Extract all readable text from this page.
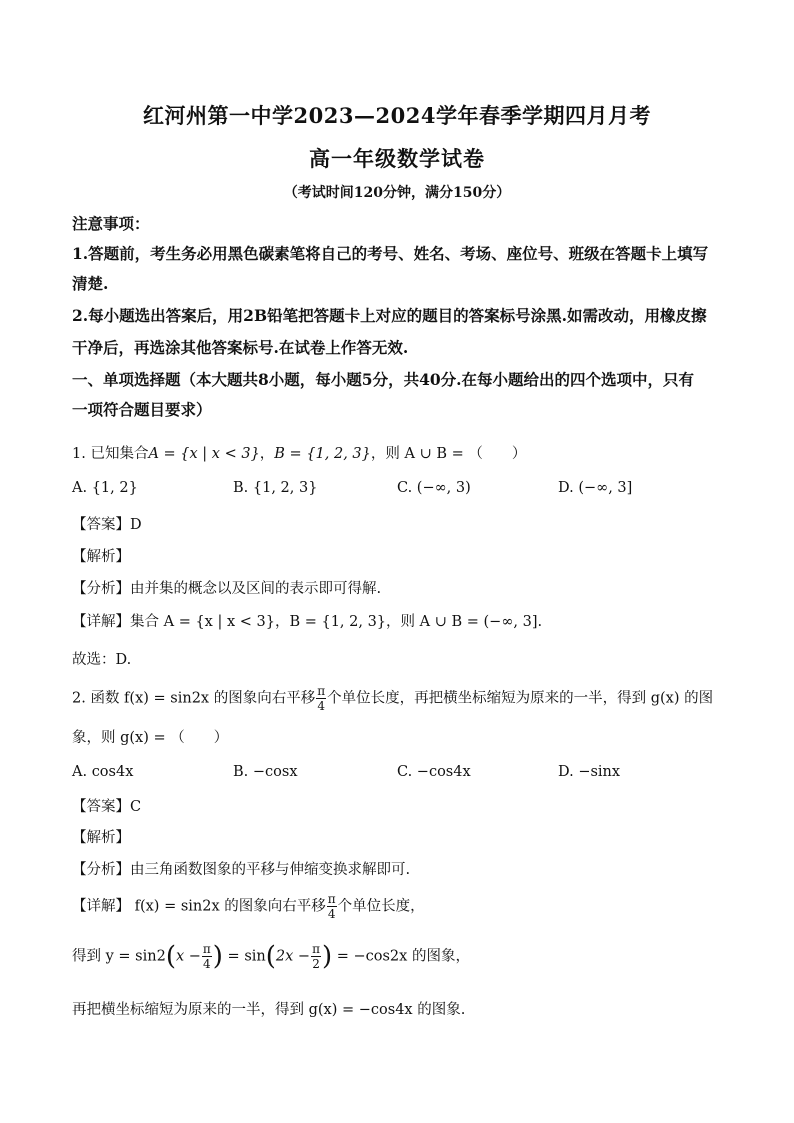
红河州第一中学2023—2024学年春季学期四月月考
高一年级数学试卷
（考试时间120分钟，满分150分）
注意事项：
1.答题前，考生务必用黑色碳素笔将自己的考号、姓名、考场、座位号、班级在答题卡上填写
清楚.
2.每小题选出答案后，用2B铅笔把答题卡上对应的题目的答案标号涂黑.如需改动，用橡皮擦
干净后，再选涂其他答案标号.在试卷上作答无效.
一、单项选择题（本大题共8小题，每小题5分，共40分.在每小题给出的四个选项中，只有
一项符合题目要求）
1. 已知集合A = {x | x < 3}，B = {1, 2, 3}，则 A ∪ B = （　　）
A. {1, 2}	B. {1, 2, 3}	C. (−∞, 3)	D. (−∞, 3]
【答案】D
【解析】
【分析】由并集的概念以及区间的表示即可得解.
【详解】集合 A = {x | x < 3}，B = {1, 2, 3}，则 A ∪ B = (−∞, 3].
故选：D.
2. 函数 f(x) = sin2x 的图象向右平移 $\frac{\pi}{4}$ 个单位长度，再把横坐标缩短为原来的一半，得到 g(x) 的图
象，则 g(x) = （　　）
A. cos4x	B. −cosx	C. −cos4x	D. −sinx
【答案】C
【解析】
【分析】由三角函数图象的平移与伸缩变换求解即可.
【详解】 f(x) = sin2x 的图象向右平移 $\frac{\pi}{4}$ 个单位长度，
得到 $y = \sin 2(x - \frac{\pi}{4}$ ) = $\sin(2x - \frac{\pi}{2}$ ) = −cos2x 的图象，
再把横坐标缩短为原来的一半，得到 g(x) = −cos4x 的图象.
